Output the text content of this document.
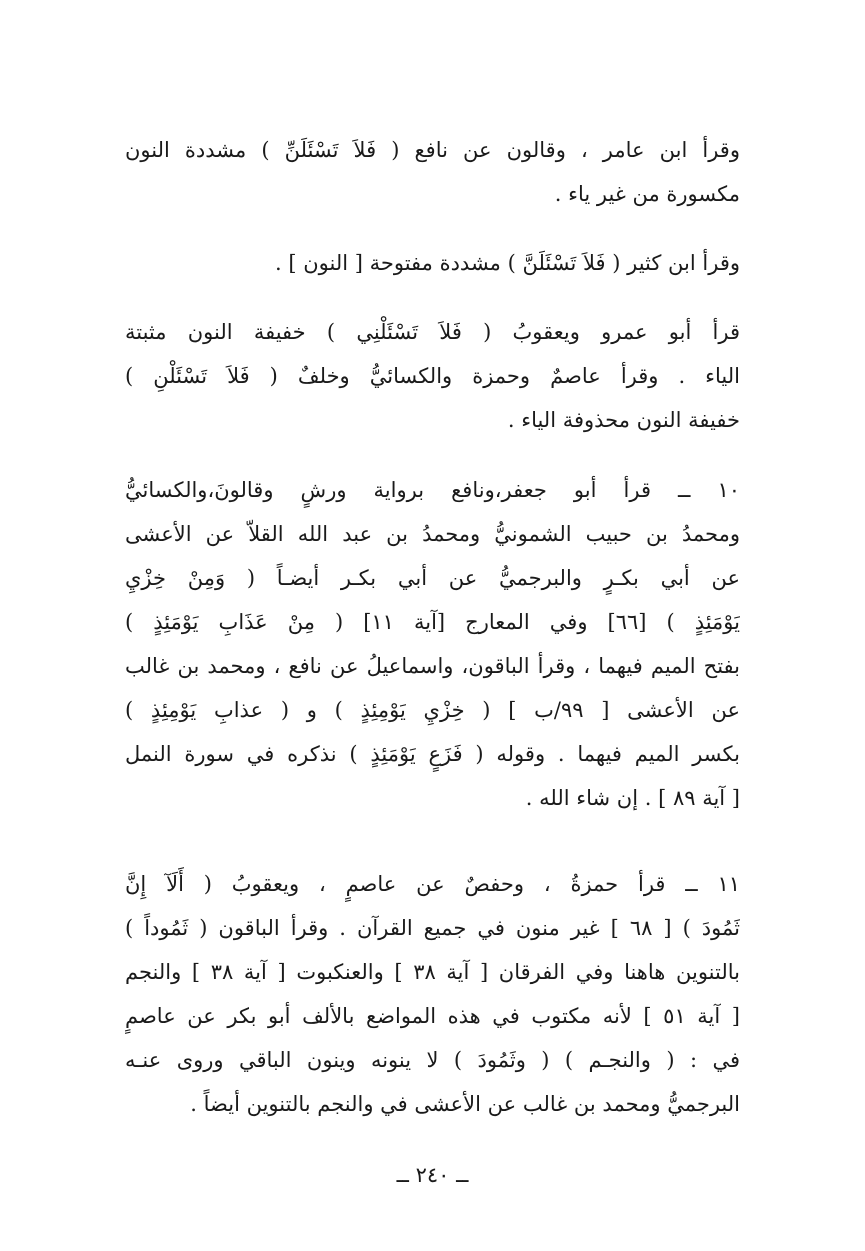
وقرأ ابن عامر ، وقالون عن نافع ( فَلاَ تَسْئَلَنِّ ) مشددة النون
مكسورة من غير ياء .
وقرأ ابن كثير ( فَلاَ تَسْئَلَنَّ ) مشددة مفتوحة [ النون ] .
قرأ أبو عمرو ويعقوبُ ( فَلاَ تَسْئَلْنِي ) خفيفة النون مثبتة
الياء . وقرأ عاصمٌ وحمزة والكسائيُّ وخلفٌ ( فَلاَ تَسْئَلْنِ )
خفيفة النون محذوفة الياء .
١٠ ــ قرأ أبو جعفر،ونافع برواية ورشٍ وقالونَ،والكسائيُّ
ومحمدُ بن حبيب الشمونيُّ ومحمدُ بن عبد الله القلاّ عن الأعشى
عن أبي بكـرٍ والبرجميُّ عن أبي بكـر أيضـاً ( وَمِنْ خِزْيِ
يَوْمَئِذٍ ) [٦٦] وفي المعارج [آية ١١] ( مِنْ عَذَابِ يَوْمَئِذٍ )
بفتح الميم فيهما ، وقرأ الباقون، واسماعيلُ عن نافع ، ومحمد بن غالب
عن الأعشى [ ٩٩/ب ] ( خِزْيِ يَوْمِئِذٍ ) و ( عذابِ يَوْمِئِذٍ )
بكسر الميم فيهما . وقوله ( فَزَعٍ يَوْمَئِذٍ ) نذكره في سورة النمل
[ آية ٨٩ ] . إن شاء الله .
١١ ــ قرأ حمزةُ ، وحفصٌ عن عاصمٍ ، ويعقوبُ ( أَلَآ إِنَّ
ثَمُودَ ) [ ٦٨ ] غير منون في جميع القرآن . وقرأ الباقون ( ثَمُوداً )
بالتنوين هاهنا وفي الفرقان [ آية ٣٨ ] والعنكبوت [ آية ٣٨ ] والنجم
[ آية ٥١ ] لأنه مكتوب في هذه المواضع بالألف أبو بكر عن عاصمٍ
في : ( والنجـم ) ( وثَمُودَ ) لا ينونه وينون الباقي وروى عنـه
البرجميُّ ومحمد بن غالب عن الأعشى في والنجم بالتنوين أيضاً .
ــ ٢٤٠ ــ
